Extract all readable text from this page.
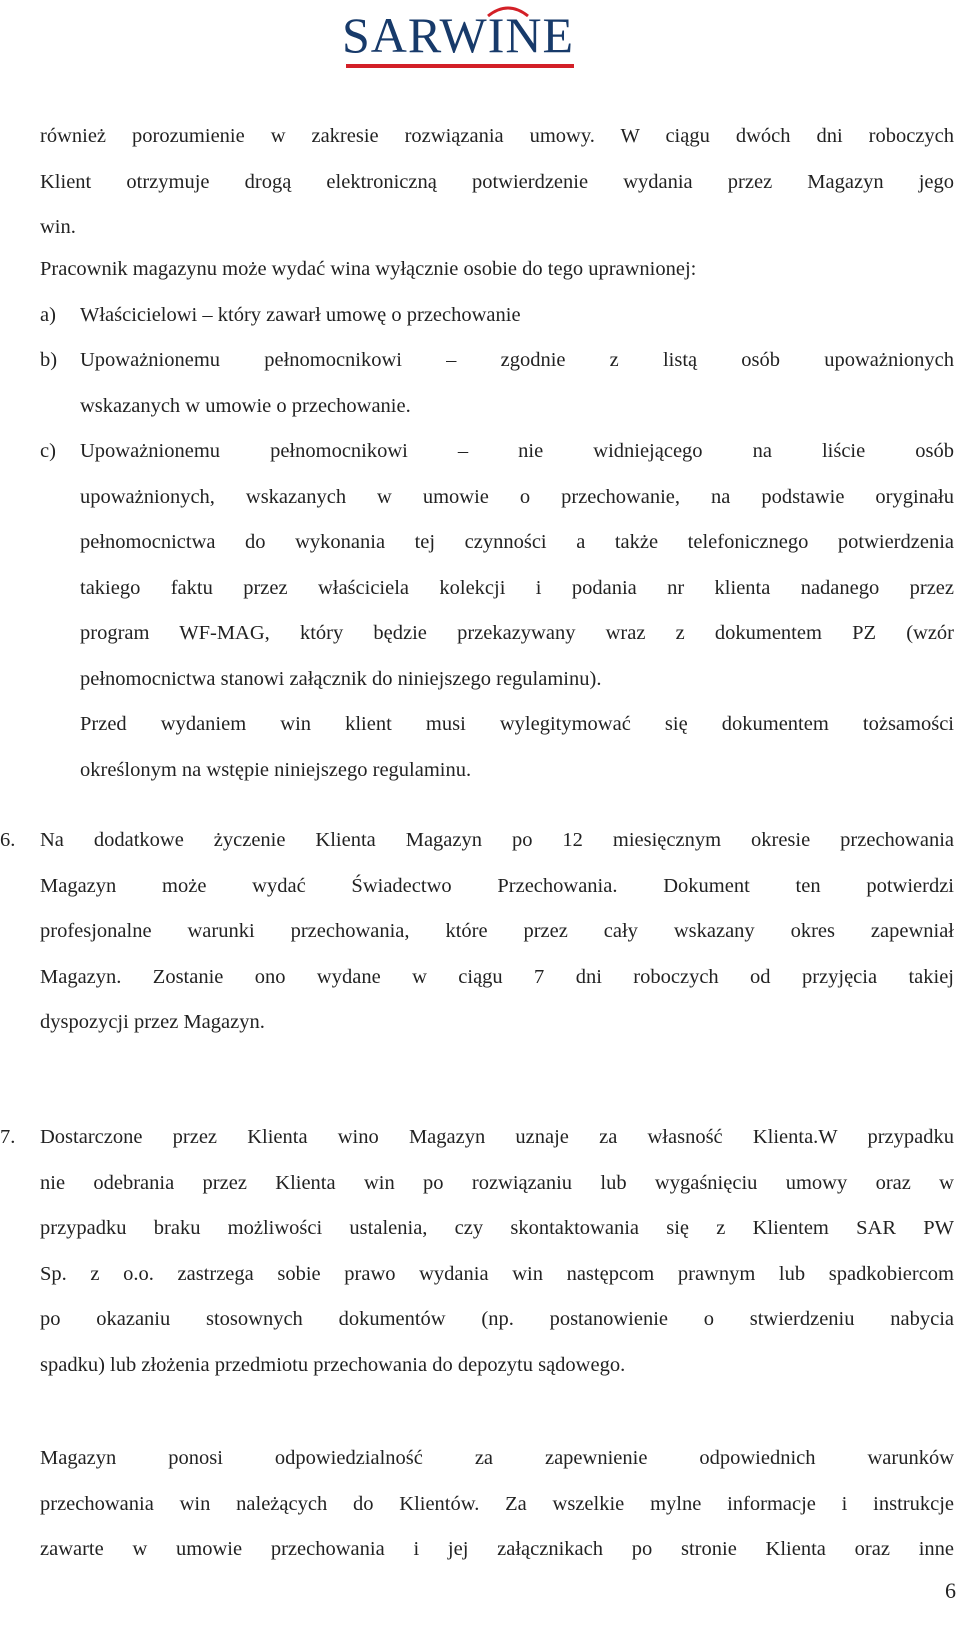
SARWINE
również porozumienie w zakresie rozwiązania umowy. W ciągu dwóch dni roboczych
Klient otrzymuje drogą elektroniczną potwierdzenie wydania przez Magazyn jego
win.
Pracownik magazynu może wydać wina wyłącznie osobie do tego uprawnionej:
a) Właścicielowi – który zawarł umowę o przechowanie
b) Upoważnionemu pełnomocnikowi – zgodnie z listą osób upoważnionych
wskazanych w umowie o przechowanie.
c) Upoważnionemu pełnomocnikowi – nie widniejącego na liście osób
upoważnionych, wskazanych w umowie o przechowanie, na podstawie oryginału
pełnomocnictwa do wykonania tej czynności a także telefonicznego potwierdzenia
takiego faktu przez właściciela kolekcji i podania nr klienta nadanego przez
program WF-MAG, który będzie przekazywany wraz z dokumentem PZ (wzór
pełnomocnictwa stanowi załącznik do niniejszego regulaminu).
Przed wydaniem win klient musi wylegitymować się dokumentem tożsamości
określonym na wstępie niniejszego regulaminu.
6. Na dodatkowe życzenie Klienta Magazyn po 12 miesięcznym okresie przechowania
Magazyn może wydać Świadectwo Przechowania. Dokument ten potwierdzi
profesjonalne warunki przechowania, które przez cały wskazany okres zapewniał
Magazyn. Zostanie ono wydane w ciągu 7 dni roboczych od przyjęcia takiej
dyspozycji przez Magazyn.
7. Dostarczone przez Klienta wino Magazyn uznaje za własność Klienta.W przypadku
nie odebrania przez Klienta win po rozwiązaniu lub wygaśnięciu umowy oraz w
przypadku braku możliwości ustalenia, czy skontaktowania się z Klientem SAR PW
Sp. z o.o. zastrzega sobie prawo wydania win następcom prawnym lub spadkobiercom
po okazaniu stosownych dokumentów (np. postanowienie o stwierdzeniu nabycia
spadku) lub złożenia przedmiotu przechowania do depozytu sądowego.
Magazyn ponosi odpowiedzialność za zapewnienie odpowiednich warunków
przechowania win należących do Klientów. Za wszelkie mylne informacje i instrukcje
zawarte w umowie przechowania i jej załącznikach po stronie Klienta oraz inne
6
